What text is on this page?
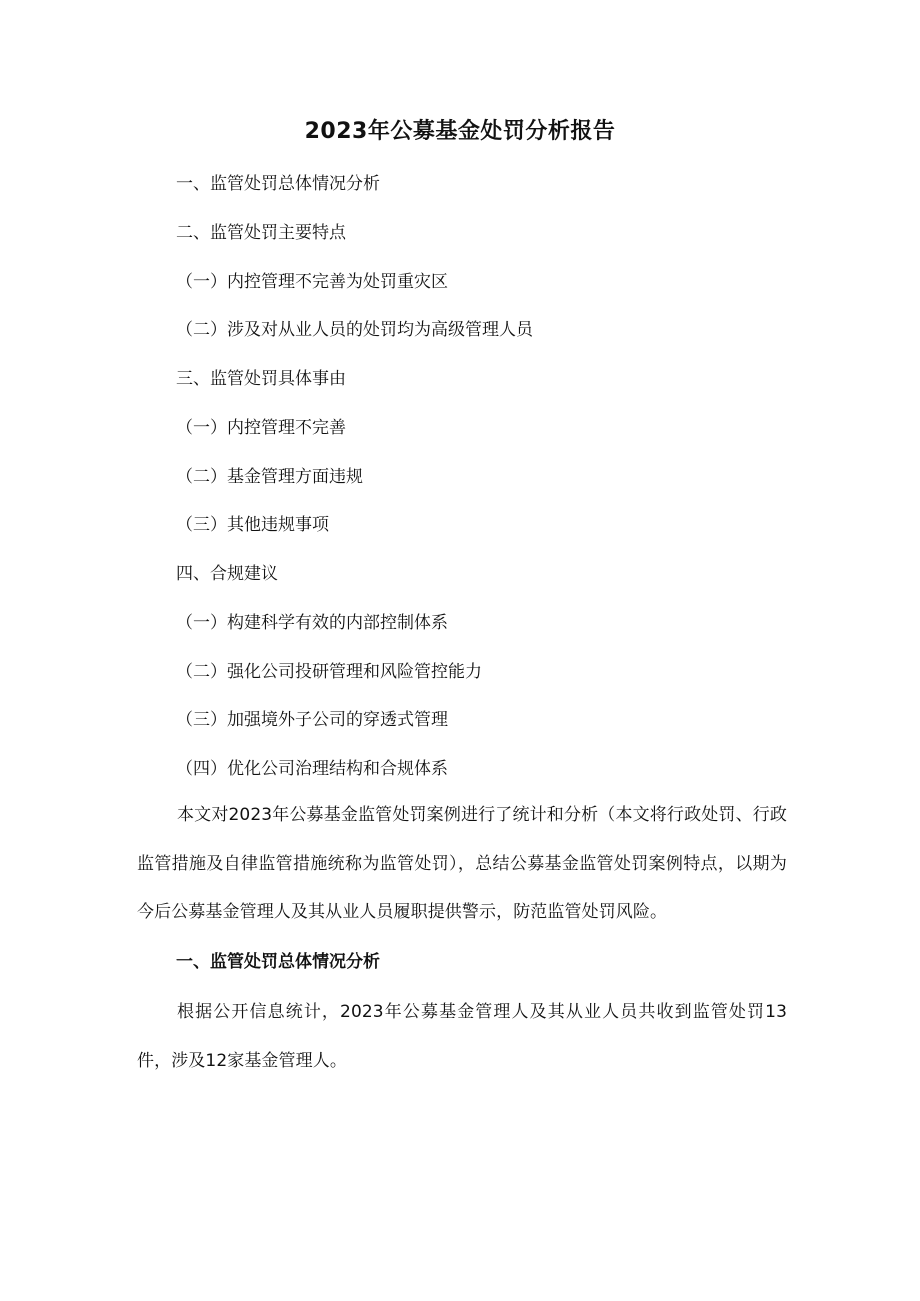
2023年公募基金处罚分析报告
一、监管处罚总体情况分析
二、监管处罚主要特点
（一）内控管理不完善为处罚重灾区
（二）涉及对从业人员的处罚均为高级管理人员
三、监管处罚具体事由
（一）内控管理不完善
（二）基金管理方面违规
（三）其他违规事项
四、合规建议
（一）构建科学有效的内部控制体系
（二）强化公司投研管理和风险管控能力
（三）加强境外子公司的穿透式管理
（四）优化公司治理结构和合规体系

本文对2023年公募基金监管处罚案例进行了统计和分析（本文将行政处罚、行政监管措施及自律监管措施统称为监管处罚），总结公募基金监管处罚案例特点，以期为今后公募基金管理人及其从业人员履职提供警示，防范监管处罚风险。

一、监管处罚总体情况分析

根据公开信息统计，2023年公募基金管理人及其从业人员共收到监管处罚13件，涉及12家基金管理人。
